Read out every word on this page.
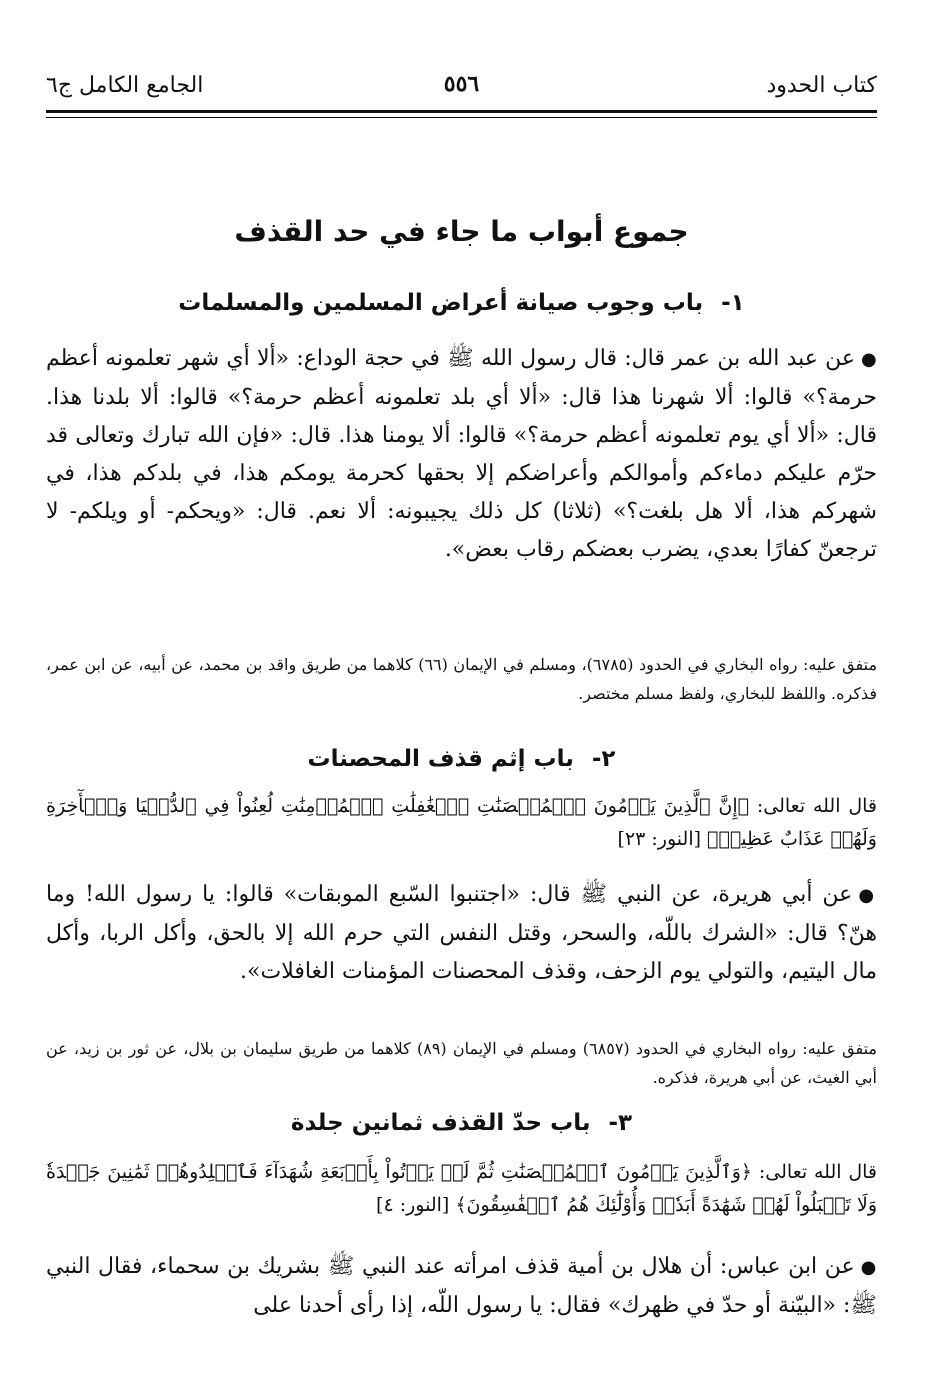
كتاب الحدود
٥٥٦
الجامع الكامل ج٦
جموع أبواب ما جاء في حد القذف
١-باب وجوب صيانة أعراض المسلمين والمسلمات
●عن عبد الله بن عمر قال: قال رسول الله ﷺ في حجة الوداع: «ألا أي شهر تعلمونه أعظم حرمة؟» قالوا: ألا شهرنا هذا قال: «ألا أي بلد تعلمونه أعظم حرمة؟» قالوا: ألا بلدنا هذا. قال: «ألا أي يوم تعلمونه أعظم حرمة؟» قالوا: ألا يومنا هذا. قال: «فإن الله تبارك وتعالى قد حرّم عليكم دماءكم وأموالكم وأعراضكم إلا بحقها كحرمة يومكم هذا، في بلدكم هذا، في شهركم هذا، ألا هل بلغت؟» (ثلاثا) كل ذلك يجيبونه: ألا نعم. قال: «ويحكم- أو ويلكم- لا ترجعنّ كفارًا بعدي، يضرب بعضكم رقاب بعض».
متفق عليه: رواه البخاري في الحدود (٦٧٨٥)، ومسلم في الإيمان (٦٦) كلاهما من طريق واقد بن محمد، عن أبيه، عن ابن عمر، فذكره. واللفظ للبخاري، ولفظ مسلم مختصر.
٢-باب إثم قذف المحصنات
قال الله تعالى: ﴿إِنَّ ٱلَّذِينَ يَرۡمُونَ ٱلۡمُحۡصَنَٰتِ ٱلۡغَٰفِلَٰتِ ٱلۡمُؤۡمِنَٰتِ لُعِنُواْ فِي ٱلدُّنۡيَا وَٱلۡأٓخِرَةِ وَلَهُمۡ عَذَابٌ عَظِيمٞ﴾ [النور: ٢٣]
●عن أبي هريرة، عن النبي ﷺ قال: «اجتنبوا السّبع الموبقات» قالوا: يا رسول الله! وما هنّ؟ قال: «الشرك باللّه، والسحر، وقتل النفس التي حرم الله إلا بالحق، وأكل الربا، وأكل مال اليتيم، والتولي يوم الزحف، وقذف المحصنات المؤمنات الغافلات».
متفق عليه: رواه البخاري في الحدود (٦٨٥٧) ومسلم في الإيمان (٨٩) كلاهما من طريق سليمان بن بلال، عن ثور بن زيد، عن أبي الغيث، عن أبي هريرة، فذكره.
٣-باب حدّ القذف ثمانين جلدة
قال الله تعالى: ﴿وَٱلَّذِينَ يَرۡمُونَ ٱلۡمُحۡصَنَٰتِ ثُمَّ لَمۡ يَأۡتُواْ بِأَرۡبَعَةِ شُهَدَآءَ فَٱجۡلِدُوهُمۡ ثَمَٰنِينَ جَلۡدَةٗ وَلَا تَقۡبَلُواْ لَهُمۡ شَهَٰدَةً أَبَدٗاۚ وَأُوْلَٰٓئِكَ هُمُ ٱلۡفَٰسِقُونَ﴾ [النور: ٤]
●عن ابن عباس: أن هلال بن أمية قذف امرأته عند النبي ﷺ بشريك بن سحماء، فقال النبي ﷺ: «البيّنة أو حدّ في ظهرك» فقال: يا رسول اللّه، إذا رأى أحدنا على
